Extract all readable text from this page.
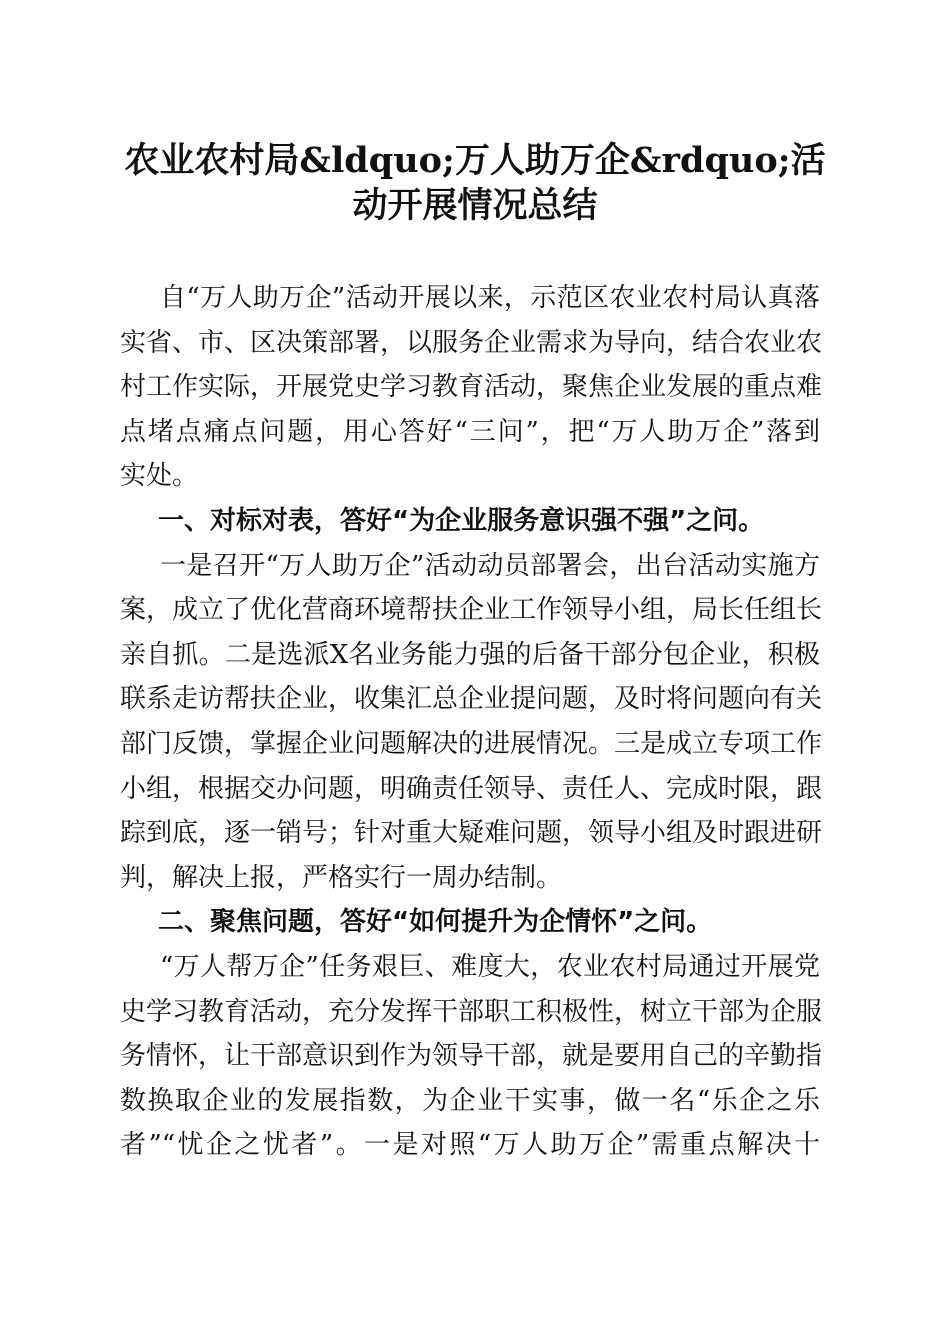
农业农村局&ldquo;万人助万企&rdquo;活
动开展情况总结
自“万人助万企”活动开展以来，示范区农业农村局认真落
实省、市、区决策部署，以服务企业需求为导向，结合农业农
村工作实际，开展党史学习教育活动，聚焦企业发展的重点难
点堵点痛点问题，用心答好“三问”，把“万人助万企”落到
实处。
一、对标对表，答好“为企业服务意识强不强”之问。
一是召开“万人助万企”活动动员部署会，出台活动实施方
案，成立了优化营商环境帮扶企业工作领导小组，局长任组长
亲自抓。二是选派X名业务能力强的后备干部分包企业，积极
联系走访帮扶企业，收集汇总企业提问题，及时将问题向有关
部门反馈，掌握企业问题解决的进展情况。三是成立专项工作
小组，根据交办问题，明确责任领导、责任人、完成时限，跟
踪到底，逐一销号；针对重大疑难问题，领导小组及时跟进研
判，解决上报，严格实行一周办结制。
二、聚焦问题，答好“如何提升为企情怀”之问。
“万人帮万企”任务艰巨、难度大，农业农村局通过开展党
史学习教育活动，充分发挥干部职工积极性，树立干部为企服
务情怀，让干部意识到作为领导干部，就是要用自己的辛勤指
数换取企业的发展指数，为企业干实事，做一名“乐企之乐
者”“忧企之忧者”。一是对照“万人助万企”需重点解决十
